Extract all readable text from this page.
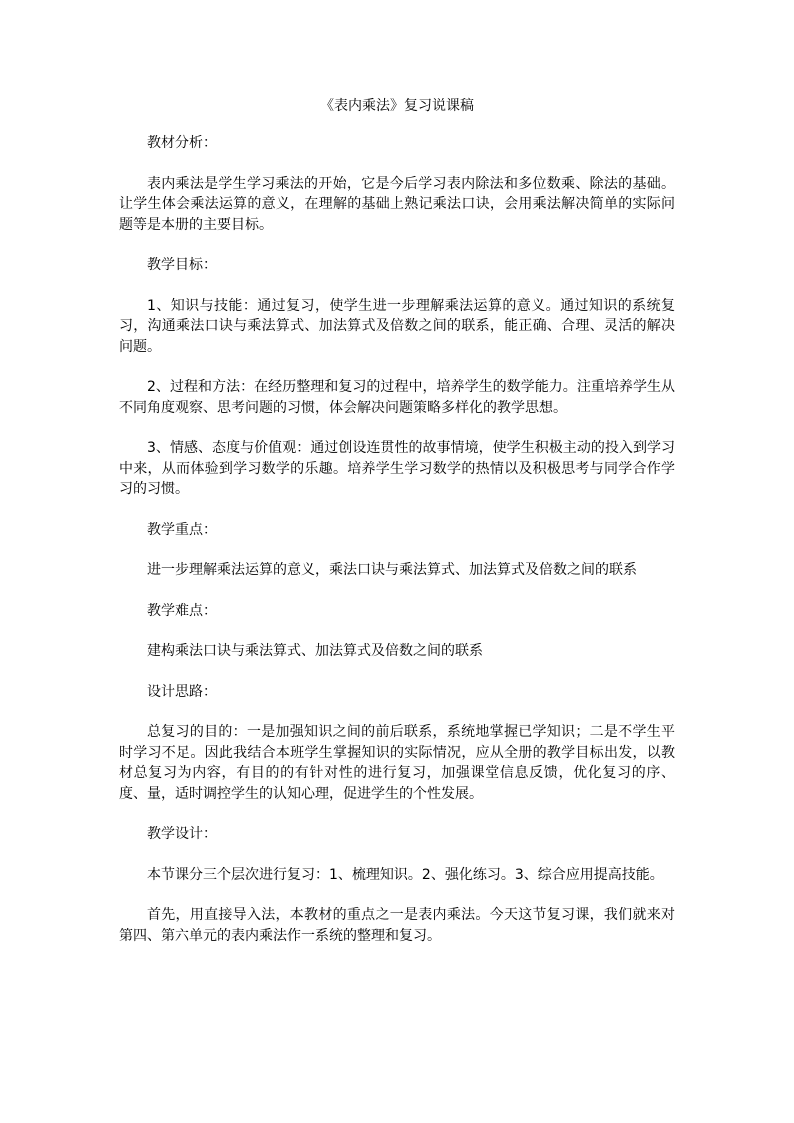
《表内乘法》复习说课稿

教材分析：

表内乘法是学生学习乘法的开始，它是今后学习表内除法和多位数乘、除法的基础。让学生体会乘法运算的意义，在理解的基础上熟记乘法口诀，会用乘法解决简单的实际问题等是本册的主要目标。

教学目标：

1、知识与技能：通过复习，使学生进一步理解乘法运算的意义。通过知识的系统复习，沟通乘法口诀与乘法算式、加法算式及倍数之间的联系，能正确、合理、灵活的解决问题。

2、过程和方法：在经历整理和复习的过程中，培养学生的数学能力。注重培养学生从不同角度观察、思考问题的习惯，体会解决问题策略多样化的教学思想。

3、情感、态度与价值观：通过创设连贯性的故事情境，使学生积极主动的投入到学习中来，从而体验到学习数学的乐趣。培养学生学习数学的热情以及积极思考与同学合作学习的习惯。

教学重点：

进一步理解乘法运算的意义，乘法口诀与乘法算式、加法算式及倍数之间的联系

教学难点：

建构乘法口诀与乘法算式、加法算式及倍数之间的联系

设计思路：

总复习的目的：一是加强知识之间的前后联系，系统地掌握已学知识；二是不学生平时学习不足。因此我结合本班学生掌握知识的实际情况，应从全册的教学目标出发，以教材总复习为内容，有目的的有针对性的进行复习，加强课堂信息反馈，优化复习的序、度、量，适时调控学生的认知心理，促进学生的个性发展。

教学设计：

本节课分三个层次进行复习：1、梳理知识。2、强化练习。3、综合应用提高技能。

首先，用直接导入法，本教材的重点之一是表内乘法。今天这节复习课，我们就来对第四、第六单元的表内乘法作一系统的整理和复习。
